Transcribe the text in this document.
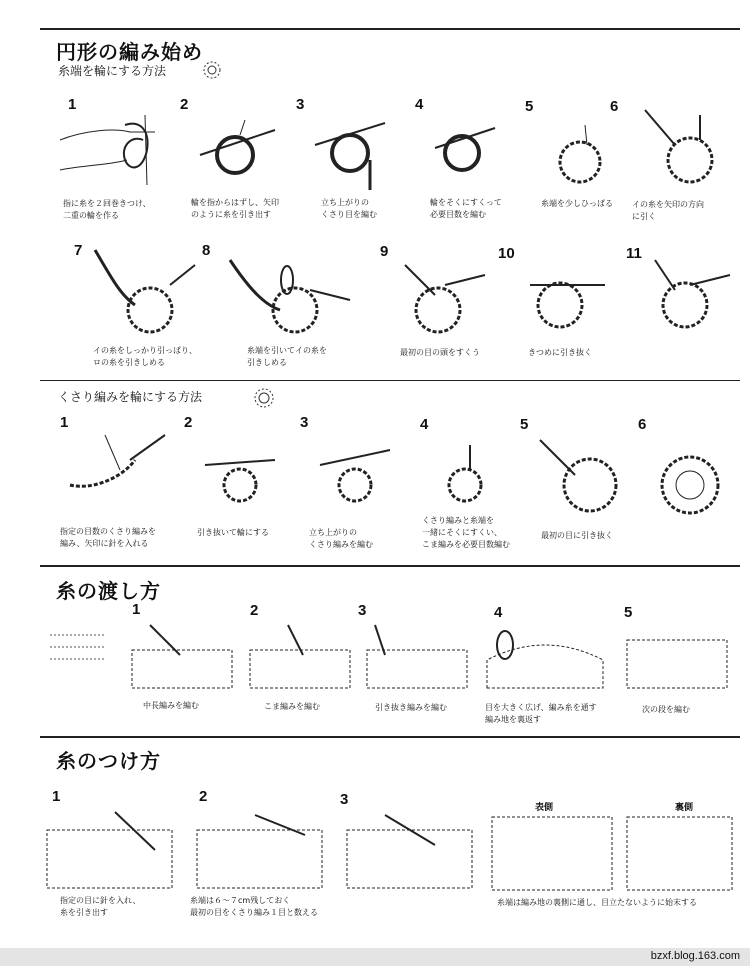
円形の編み始め
糸端を輪にする方法
1	2	3	4	5	6
指に糸を２回巻きつけ、
二重の輪を作る
輪を指からはずし、矢印
のように糸を引き出す
立ち上がりの
くさり目を編む
輪をそくにすくって
必要目数を編む
糸端を少しひっぱる イの糸を矢印の方向
に引く
7	8	9	10	11
イの糸をしっかり引っぱり、
ロの糸を引きしめる
糸端を引いてイの糸を
引きしめる
最初の目の頭をすくう	きつめに引き抜く
くさり編みを輪にする方法
1	2	3	4	5	6
指定の目数のくさり編みを
編み、矢印に針を入れる
引き抜いて輪にする	立ち上がりの
くさり編みを編む
くさり編みと糸端を
一緒にそくにすくい、
こま編みを必要目数編む
最初の目に引き抜く
糸の渡し方
1	2	3	4	5
中長編みを編む	こま編みを編む	引き抜き編みを編む	目を大きく広げ、編み糸を通す
編み地を裏返す
次の段を編む
糸のつけ方
1	2	3	表側	裏側
指定の目に針を入れ、
糸を引き出す
糸端は６～７cm残しておく
最初の目をくさり編み１目と数える
糸端は編み地の裏側に通し、目立たないように始末する
bzxf.blog.163.com
